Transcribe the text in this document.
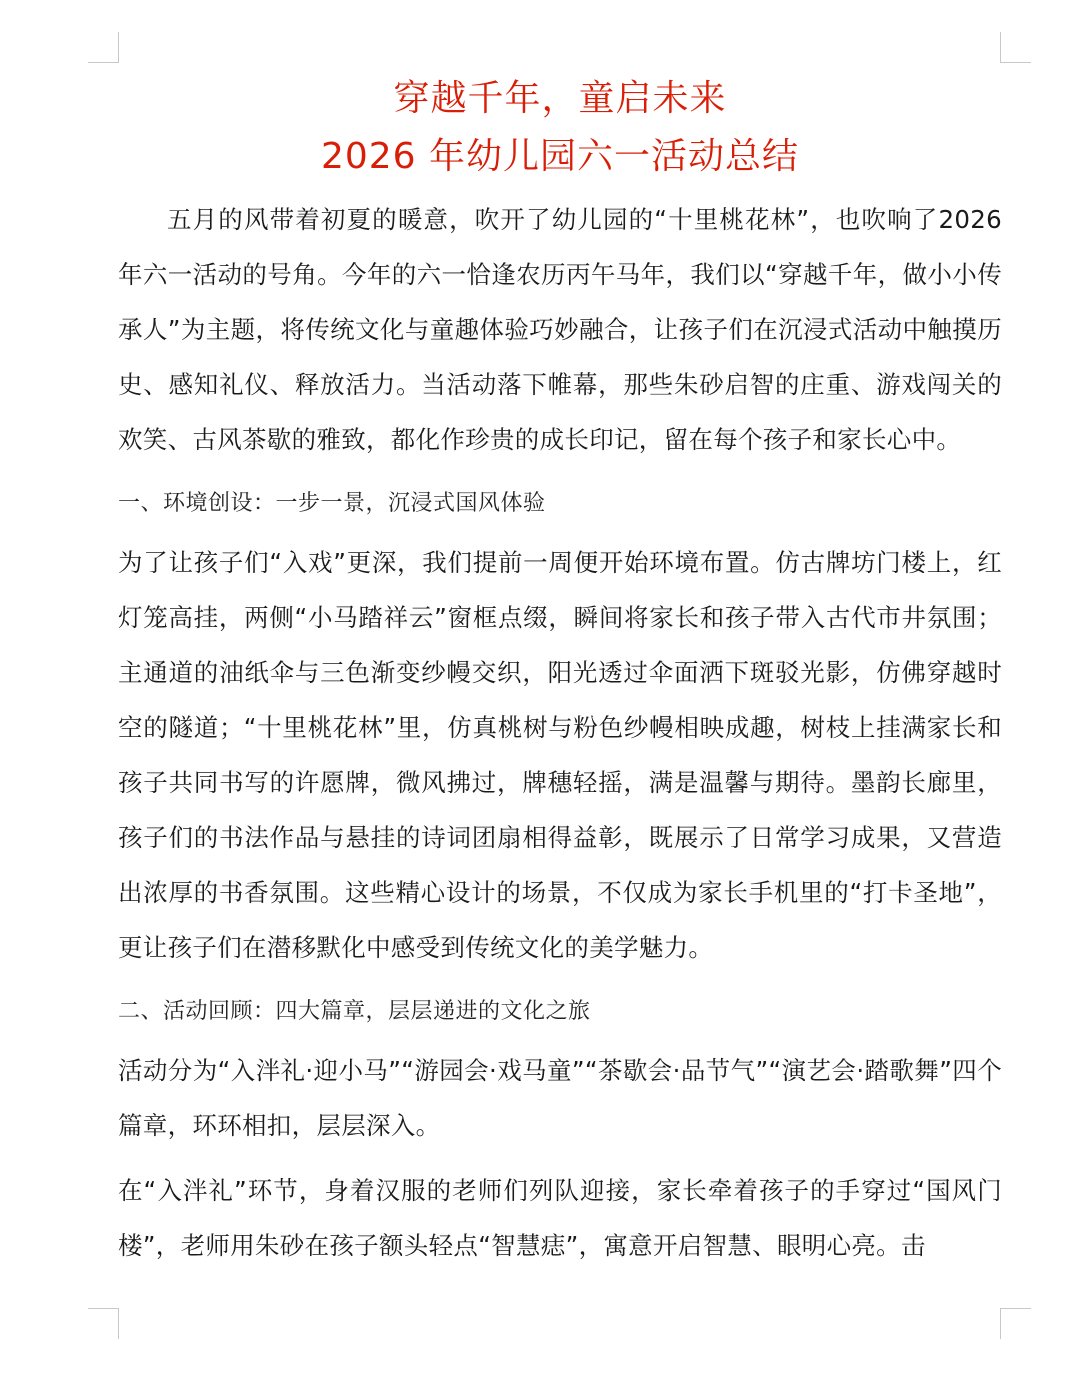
穿越千年，童启未来
2026 年幼儿园六一活动总结

五月的风带着初夏的暖意，吹开了幼儿园的“十里桃花林”，也吹响了2026 年六一活动的号角。今年的六一恰逢农历丙午马年，我们以“穿越千年，做小小传承人”为主题，将传统文化与童趣体验巧妙融合，让孩子们在沉浸式活动中触摸历史、感知礼仪、释放活力。当活动落下帷幕，那些朱砂启智的庄重、游戏闯关的欢笑、古风茶歇的雅致，都化作珍贵的成长印记，留在每个孩子和家长心中。

一、环境创设：一步一景，沉浸式国风体验

为了让孩子们“入戏”更深，我们提前一周便开始环境布置。仿古牌坊门楼上，红灯笼高挂，两侧“小马踏祥云”窗框点缀，瞬间将家长和孩子带入古代市井氛围；主通道的油纸伞与三色渐变纱幔交织，阳光透过伞面洒下斑驳光影，仿佛穿越时空的隧道；“十里桃花林”里，仿真桃树与粉色纱幔相映成趣，树枝上挂满家长和孩子共同书写的许愿牌，微风拂过，牌穗轻摇，满是温馨与期待。墨韵长廊里，孩子们的书法作品与悬挂的诗词团扇相得益彰，既展示了日常学习成果，又营造出浓厚的书香氛围。这些精心设计的场景，不仅成为家长手机里的“打卡圣地”，更让孩子们在潜移默化中感受到传统文化的美学魅力。

二、活动回顾：四大篇章，层层递进的文化之旅

活动分为“入泮礼·迎小马”“游园会·戏马童”“茶歇会·品节气”“演艺会·踏歌舞”四个篇章，环环相扣，层层深入。

在“入泮礼”环节，身着汉服的老师们列队迎接，家长牵着孩子的手穿过“国风门楼”，老师用朱砂在孩子额头轻点“智慧痣”，寓意开启智慧、眼明心亮。击
